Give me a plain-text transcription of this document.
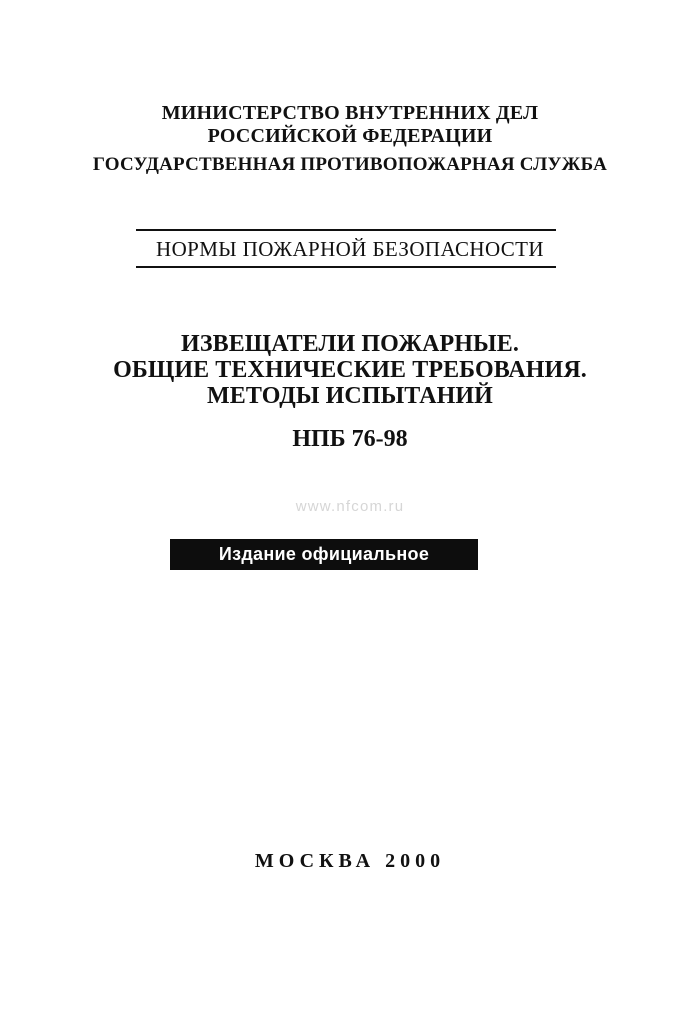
МИНИСТЕРСТВО ВНУТРЕННИХ ДЕЛ
РОССИЙСКОЙ ФЕДЕРАЦИИ
ГОСУДАРСТВЕННАЯ ПРОТИВОПОЖАРНАЯ СЛУЖБА
НОРМЫ ПОЖАРНОЙ БЕЗОПАСНОСТИ
ИЗВЕЩАТЕЛИ ПОЖАРНЫЕ.
ОБЩИЕ ТЕХНИЧЕСКИЕ ТРЕБОВАНИЯ.
МЕТОДЫ ИСПЫТАНИЙ
НПБ 76-98
www.nfcom.ru
Издание официальное
МОСКВА 2000
